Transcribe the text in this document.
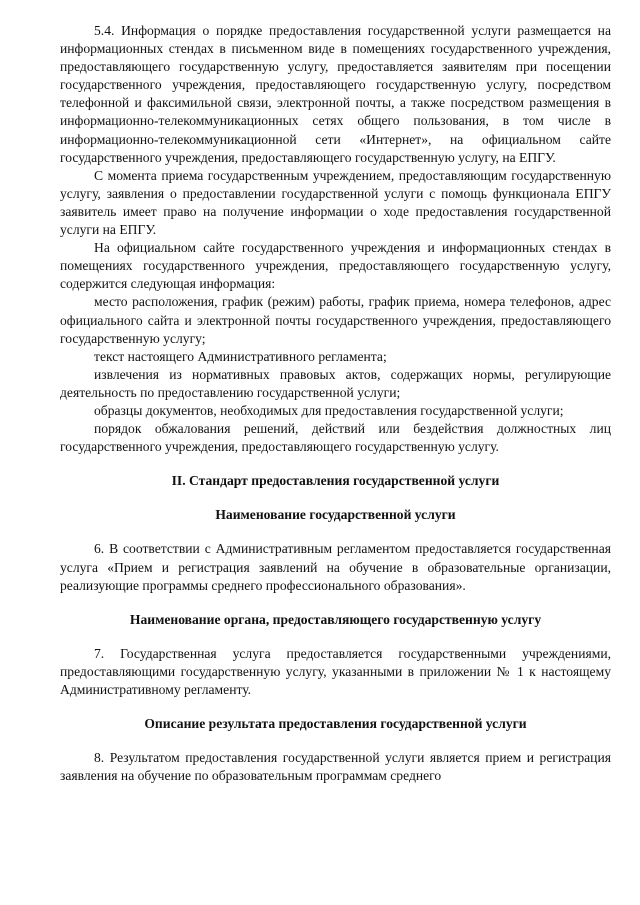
5.4. Информация о порядке предоставления государственной услуги размещается на информационных стендах в письменном виде в помещениях государственного учреждения, предоставляющего государственную услугу, предоставляется заявителям при посещении государственного учреждения, предоставляющего государственную услугу, посредством телефонной и факсимильной связи, электронной почты, а также посредством размещения в информационно-телекоммуникационных сетях общего пользования, в том числе в информационно-телекоммуникационной сети «Интернет», на официальном сайте государственного учреждения, предоставляющего государственную услугу, на ЕПГУ.

С момента приема государственным учреждением, предоставляющим государственную услугу, заявления о предоставлении государственной услуги с помощь функционала ЕПГУ заявитель имеет право на получение информации о ходе предоставления государственной услуги на ЕПГУ.

На официальном сайте государственного учреждения и информационных стендах в помещениях государственного учреждения, предоставляющего государственную услугу, содержится следующая информация:

место расположения, график (режим) работы, график приема, номера телефонов, адрес официального сайта и электронной почты государственного учреждения, предоставляющего государственную услугу;

текст настоящего Административного регламента;

извлечения из нормативных правовых актов, содержащих нормы, регулирующие деятельность по предоставлению государственной услуги;

образцы документов, необходимых для предоставления государственной услуги;

порядок обжалования решений, действий или бездействия должностных лиц государственного учреждения, предоставляющего государственную услугу.

II. Стандарт предоставления государственной услуги
Наименование государственной услуги

6. В соответствии с Административным регламентом предоставляется государственная услуга «Прием и регистрация заявлений на обучение в образовательные организации, реализующие программы среднего профессионального образования».

Наименование органа, предоставляющего государственную услугу

7. Государственная услуга предоставляется государственными учреждениями, предоставляющими государственную услугу, указанными в приложении № 1 к настоящему Административному регламенту.

Описание результата предоставления государственной услуги

8. Результатом предоставления государственной услуги является прием и регистрация заявления на обучение по образовательным программам среднего
